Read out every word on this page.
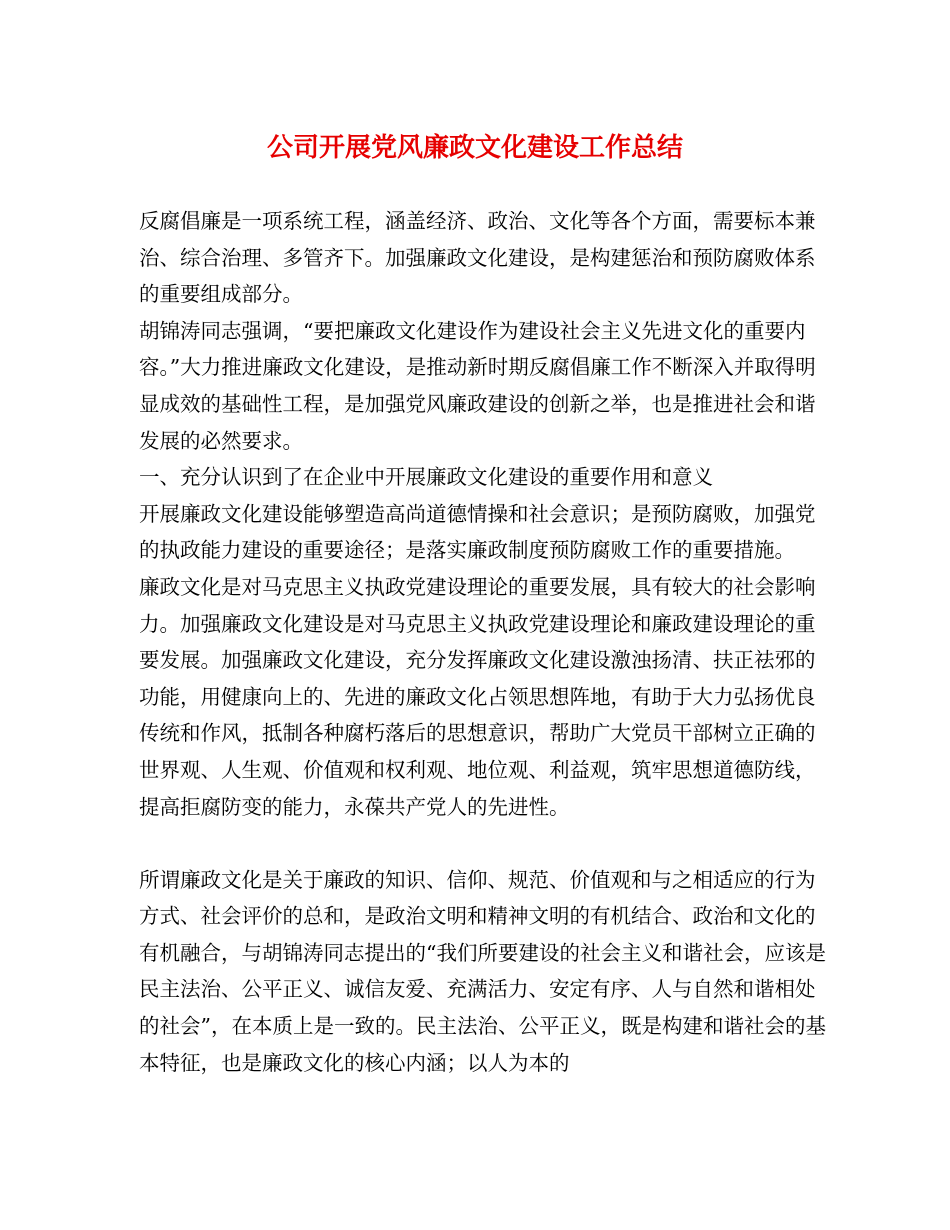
公司开展党风廉政文化建设工作总结

反腐倡廉是一项系统工程，涵盖经济、政治、文化等各个方面，需要标本兼治、综合治理、多管齐下。加强廉政文化建设，是构建惩治和预防腐败体系的重要组成部分。

胡锦涛同志强调，“要把廉政文化建设作为建设社会主义先进文化的重要内容。”大力推进廉政文化建设，是推动新时期反腐倡廉工作不断深入并取得明显成效的基础性工程，是加强党风廉政建设的创新之举，也是推进社会和谐发展的必然要求。

一、充分认识到了在企业中开展廉政文化建设的重要作用和意义

开展廉政文化建设能够塑造高尚道德情操和社会意识；是预防腐败，加强党的执政能力建设的重要途径；是落实廉政制度预防腐败工作的重要措施。

廉政文化是对马克思主义执政党建设理论的重要发展，具有较大的社会影响力。加强廉政文化建设是对马克思主义执政党建设理论和廉政建设理论的重要发展。加强廉政文化建设，充分发挥廉政文化建设激浊扬清、扶正祛邪的功能，用健康向上的、先进的廉政文化占领思想阵地，有助于大力弘扬优良传统和作风，抵制各种腐朽落后的思想意识，帮助广大党员干部树立正确的世界观、人生观、价值观和权利观、地位观、利益观，筑牢思想道德防线，提高拒腐防变的能力，永葆共产党人的先进性。

所谓廉政文化是关于廉政的知识、信仰、规范、价值观和与之相适应的行为方式、社会评价的总和，是政治文明和精神文明的有机结合、政治和文化的有机融合，与胡锦涛同志提出的“我们所要建设的社会主义和谐社会，应该是民主法治、公平正义、诚信友爱、充满活力、安定有序、人与自然和谐相处的社会”，在本质上是一致的。民主法治、公平正义，既是构建和谐社会的基本特征，也是廉政文化的核心内涵；以人为本的
